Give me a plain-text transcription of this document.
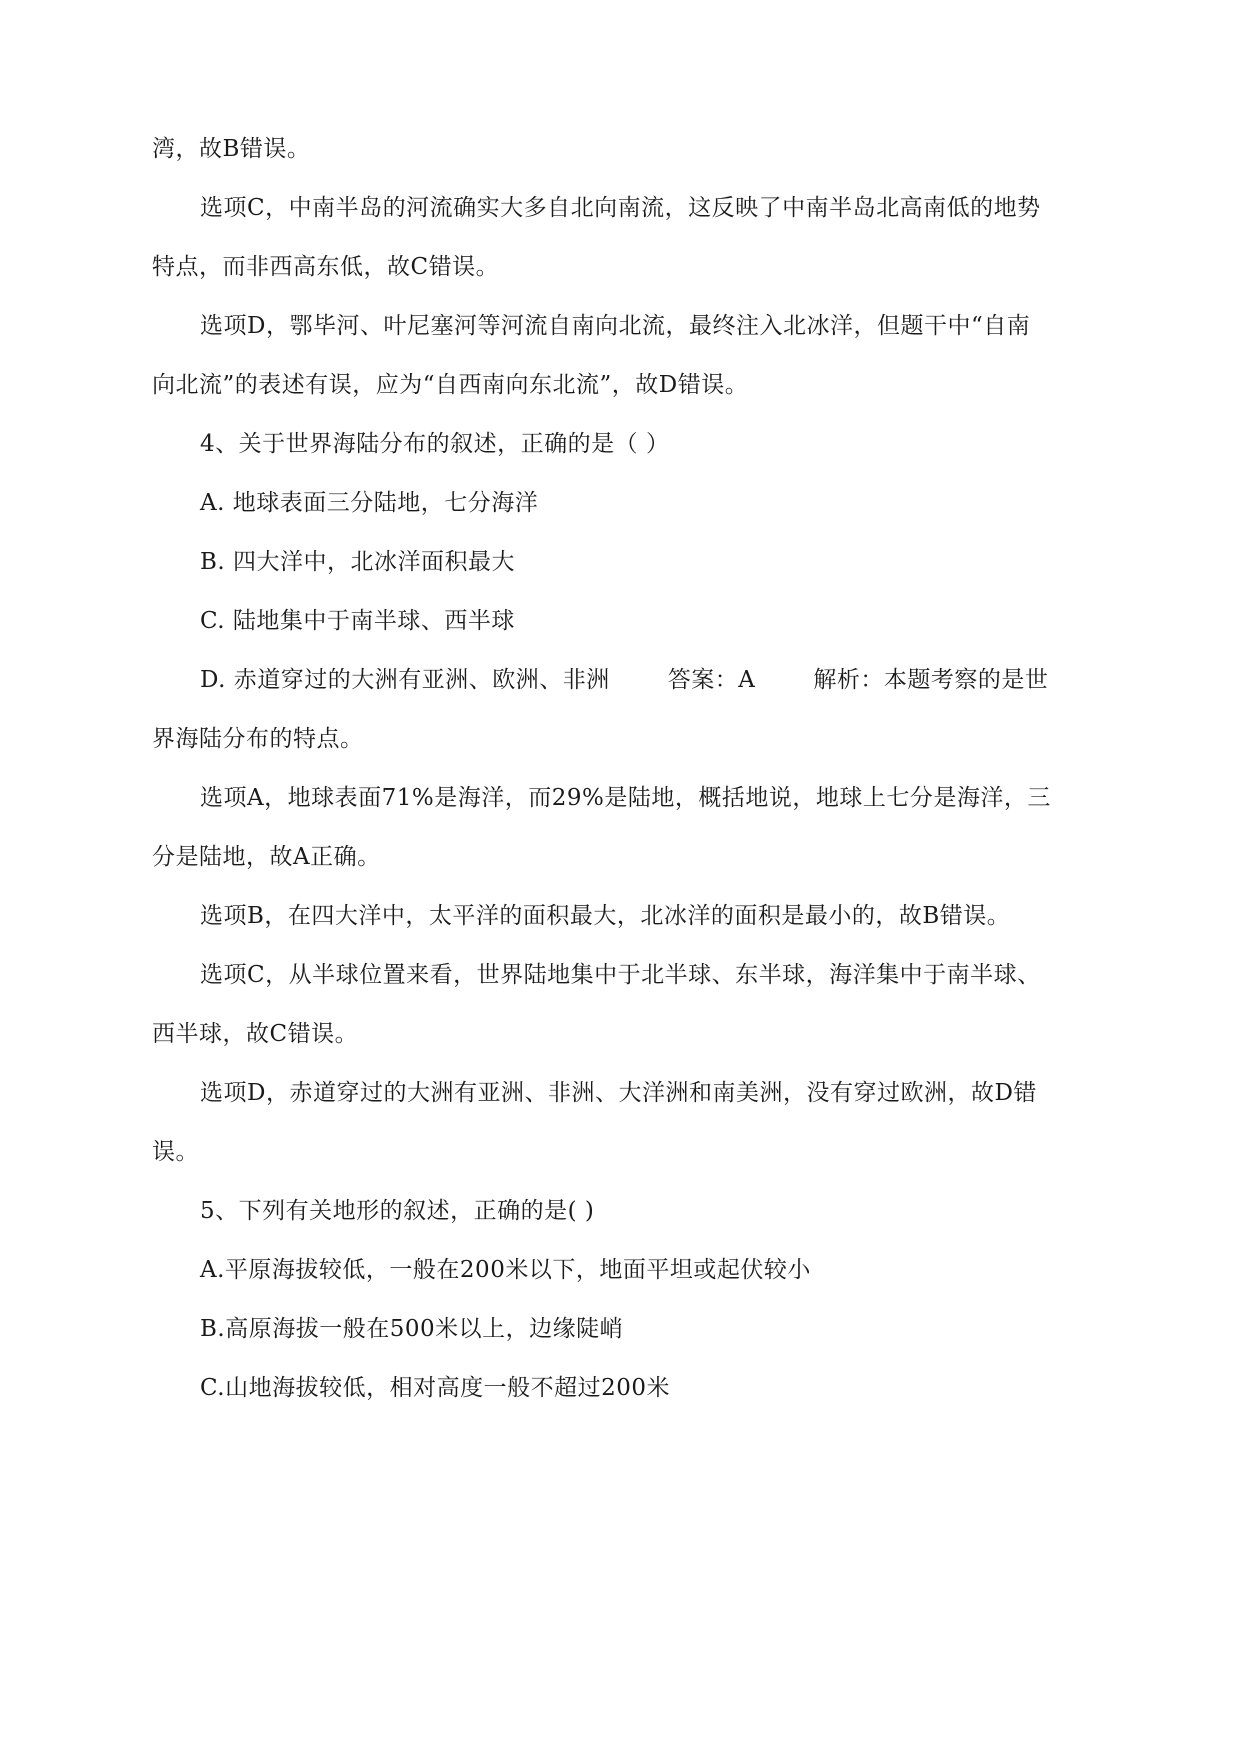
湾，故B错误。
选项C，中南半岛的河流确实大多自北向南流，这反映了中南半岛北高南低的地势
特点，而非西高东低，故C错误。
选项D，鄂毕河、叶尼塞河等河流自南向北流，最终注入北冰洋，但题干中“自南
向北流”的表述有误，应为“自西南向东北流”，故D错误。
4、关于世界海陆分布的叙述，正确的是（ ）
A. 地球表面三分陆地，七分海洋
B. 四大洋中，北冰洋面积最大
C. 陆地集中于南半球、西半球
D. 赤道穿过的大洲有亚洲、欧洲、非洲	答案：A	解析：本题考察的是世
界海陆分布的特点。
选项A，地球表面71%是海洋，而29%是陆地，概括地说，地球上七分是海洋，三
分是陆地，故A正确。
选项B，在四大洋中，太平洋的面积最大，北冰洋的面积是最小的，故B错误。
选项C，从半球位置来看，世界陆地集中于北半球、东半球，海洋集中于南半球、
西半球，故C错误。
选项D，赤道穿过的大洲有亚洲、非洲、大洋洲和南美洲，没有穿过欧洲，故D错
误。
5、下列有关地形的叙述，正确的是( )
A.平原海拔较低，一般在200米以下，地面平坦或起伏较小
B.高原海拔一般在500米以上，边缘陡峭
C.山地海拔较低，相对高度一般不超过200米
